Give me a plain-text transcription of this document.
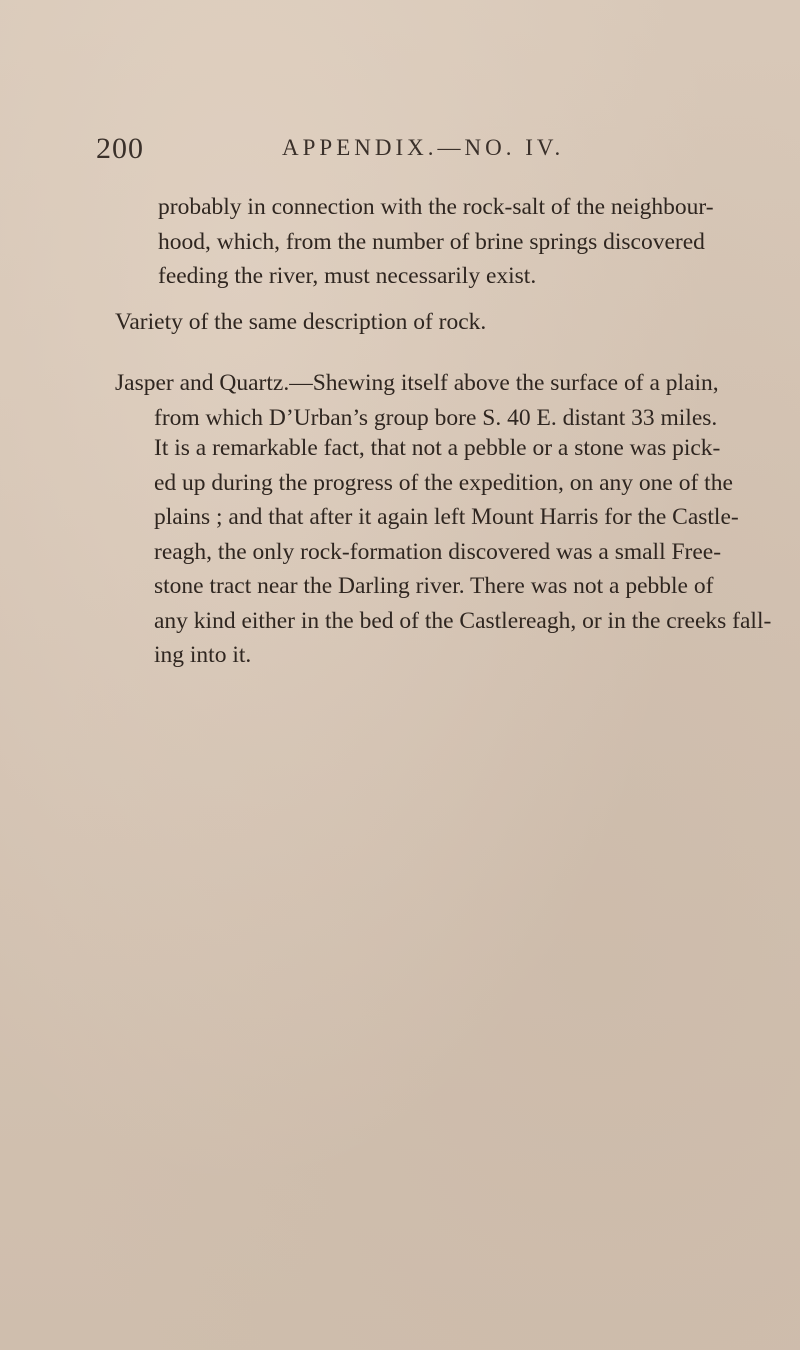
200	APPENDIX.—NO. IV.

probably in connection with the rock-salt of the neighbour-
hood, which, from the number of brine springs discovered
feeding the river, must necessarily exist.

Variety of the same description of rock.

Jasper and Quartz.—Shewing itself above the surface of a plain,
from which D’Urban’s group bore S. 40 E. distant 33 miles.

It is a remarkable fact, that not a pebble or a stone was pick-
ed up during the progress of the expedition, on any one of the
plains ; and that after it again left Mount Harris for the Castle-
reagh, the only rock-formation discovered was a small Free-
stone tract near the Darling river. There was not a pebble of
any kind either in the bed of the Castlereagh, or in the creeks fall-
ing into it.
